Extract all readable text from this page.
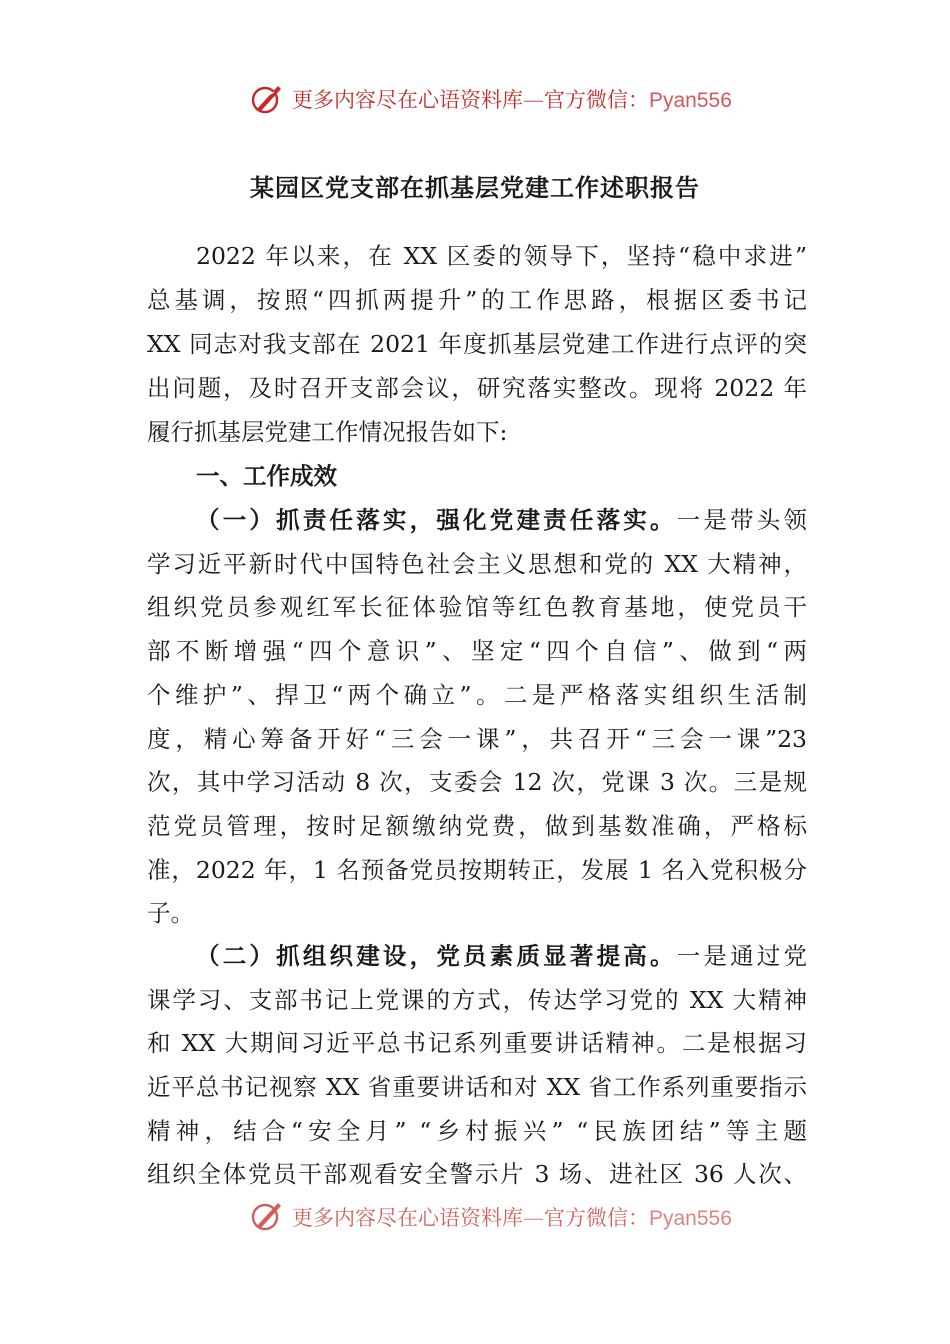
更多内容尽在心语资料库—官方微信：Pyan556
某园区党支部在抓基层党建工作述职报告
2022 年以来，在 XX 区委的领导下，坚持“稳中求进”
总基调，按照“四抓两提升”的工作思路，根据区委书记
XX 同志对我支部在 2021 年度抓基层党建工作进行点评的突
出问题，及时召开支部会议，研究落实整改。现将 2022 年
履行抓基层党建工作情况报告如下:
一、工作成效
（一）抓责任落实，强化党建责任落实。一是带头领
学习近平新时代中国特色社会主义思想和党的 XX 大精神，
组织党员参观红军长征体验馆等红色教育基地，使党员干
部不断增强“四个意识”、坚定“四个自信”、做到“两
个维护”、捍卫“两个确立”。二是严格落实组织生活制
度，精心筹备开好“三会一课”，共召开“三会一课”23
次，其中学习活动 8 次，支委会 12 次，党课 3 次。三是规
范党员管理，按时足额缴纳党费，做到基数准确，严格标
准，2022 年，1 名预备党员按期转正，发展 1 名入党积极分
子。
（二）抓组织建设，党员素质显著提高。一是通过党
课学习、支部书记上党课的方式，传达学习党的 XX 大精神
和 XX 大期间习近平总书记系列重要讲话精神。二是根据习
近平总书记视察 XX 省重要讲话和对 XX 省工作系列重要指示
精神，结合“安全月” “乡村振兴” “民族团结”等主题
组织全体党员干部观看安全警示片 3 场、进社区 36 人次、
更多内容尽在心语资料库—官方微信：Pyan556
